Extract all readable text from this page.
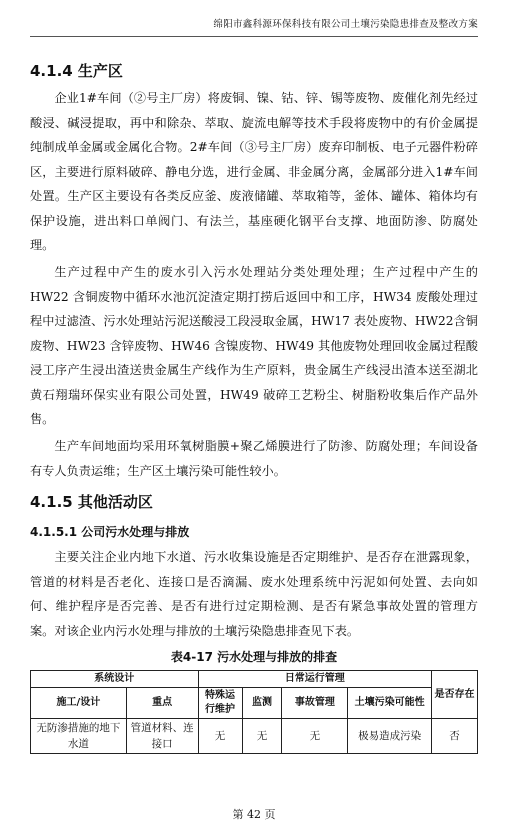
绵阳市鑫科源环保科技有限公司土壤污染隐患排查及整改方案
4.1.4 生产区

企业1#车间（②号主厂房）将废铜、镍、钴、锌、锡等废物、废催化剂先经过酸浸、碱浸提取，再中和除杂、萃取、旋流电解等技术手段将废物中的有价金属提纯制成单金属或金属化合物。2#车间（③号主厂房）废弃印制板、电子元器件粉碎区，主要进行原料破碎、静电分选，进行金属、非金属分离，金属部分进入1#车间处置。生产区主要设有各类反应釜、废液储罐、萃取箱等，釜体、罐体、箱体均有保护设施，进出料口单阀门、有法兰，基座硬化钢平台支撑、地面防渗、防腐处理。

生产过程中产生的废水引入污水处理站分类处理处理；生产过程中产生的HW22 含铜废物中循环水池沉淀渣定期打捞后返回中和工序，HW34 废酸处理过程中过滤渣、污水处理站污泥送酸浸工段浸取金属，HW17 表处废物、HW22含铜废物、HW23 含锌废物、HW46 含镍废物、HW49 其他废物处理回收金属过程酸浸工序产生浸出渣送贵金属生产线作为生产原料，贵金属生产线浸出渣本送至湖北黄石翔瑞环保实业有限公司处置，HW49 破碎工艺粉尘、树脂粉收集后作产品外售。

生产车间地面均采用环氧树脂膜+聚乙烯膜进行了防渗、防腐处理；车间设备有专人负责运维；生产区土壤污染可能性较小。

4.1.5 其他活动区
4.1.5.1 公司污水处理与排放

主要关注企业内地下水道、污水收集设施是否定期维护、是否存在泄露现象，管道的材料是否老化、连接口是否滴漏、废水处理系统中污泥如何处置、去向如何、维护程序是否完善、是否有进行过定期检测、是否有紧急事故处置的管理方案。 对该企业内污水处理与排放的土壤污染隐患排查见下表。

表4-17 污水处理与排放的排查
系统设计		日常运行管理				是否存在
施工/设计	重点	特殊运行维护	监测	事故管理	土壤污染可能性	
无防渗措施的地下水道	管道材料、连接口	无	无	无	极易造成污染	否
第 42 页
